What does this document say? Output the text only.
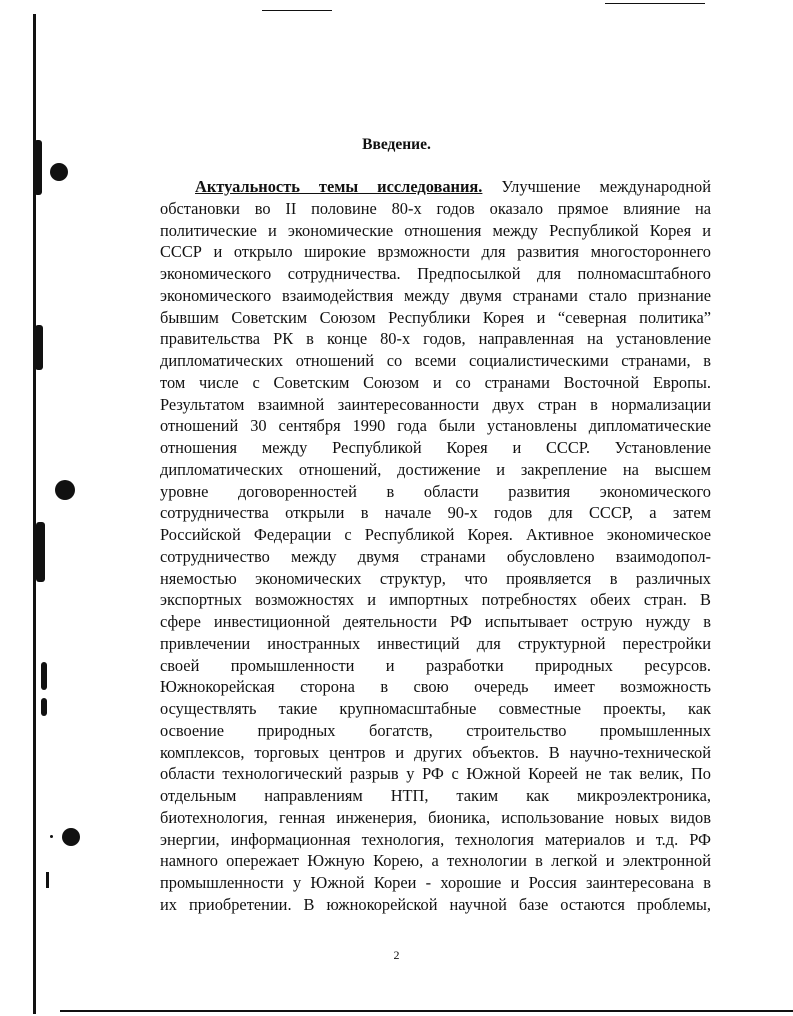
Введение.
Актуальность темы исследования. Улучшение международной
обстановки во II половине 80-х годов оказало прямое влияние на
политические и экономические отношения между Республикой Корея и
СССР и открыло широкие врзможности для развития многостороннего
экономического сотрудничества. Предпосылкой для полномасштабного
экономического взаимодействия между двумя странами стало признание
бывшим Советским Союзом Республики Корея и “северная политика”
правительства РК в конце 80-х годов, направленная на установление
дипломатических отношений со всеми социалистическими странами, в
том числе с Советским Союзом и со странами Восточной Европы.
Результатом взаимной заинтересованности двух стран в нормализации
отношений 30 сентября 1990 года были установлены дипломатические
отношения между Республикой Корея и СССР. Установление
дипломатических отношений, достижение и закрепление на высшем
уровне договоренностей в области развития экономического
сотрудничества открыли в начале 90-х годов для СССР, а затем
Российской Федерации с Республикой Корея. Активное экономическое
сотрудничество между двумя странами обусловлено взаимодопол-
няемостью экономических структур, что проявляется в различных
экспортных возможностях и импортных потребностях обеих стран. В
сфере инвестиционной деятельности РФ испытывает острую нужду в
привлечении иностранных инвестиций для структурной перестройки
своей промышленности и разработки природных ресурсов.
Южнокорейская сторона в свою очередь имеет возможность
осуществлять такие крупномасштабные совместные проекты, как
освоение природных богатств, строительство промышленных
комплексов, торговых центров и других объектов. В научно-технической
области технологический разрыв у РФ с Южной Кореей не так велик, По
отдельным направлениям НТП, таким как микроэлектроника,
биотехнология, генная инженерия, бионика, использование новых видов
энергии, информационная технология, технология материалов и т.д. РФ
намного опережает Южную Корею, а технологии в легкой и электронной
промышленности у Южной Кореи - хорошие и Россия заинтересована в
их приобретении. В южнокорейской научной базе остаются проблемы,
2
